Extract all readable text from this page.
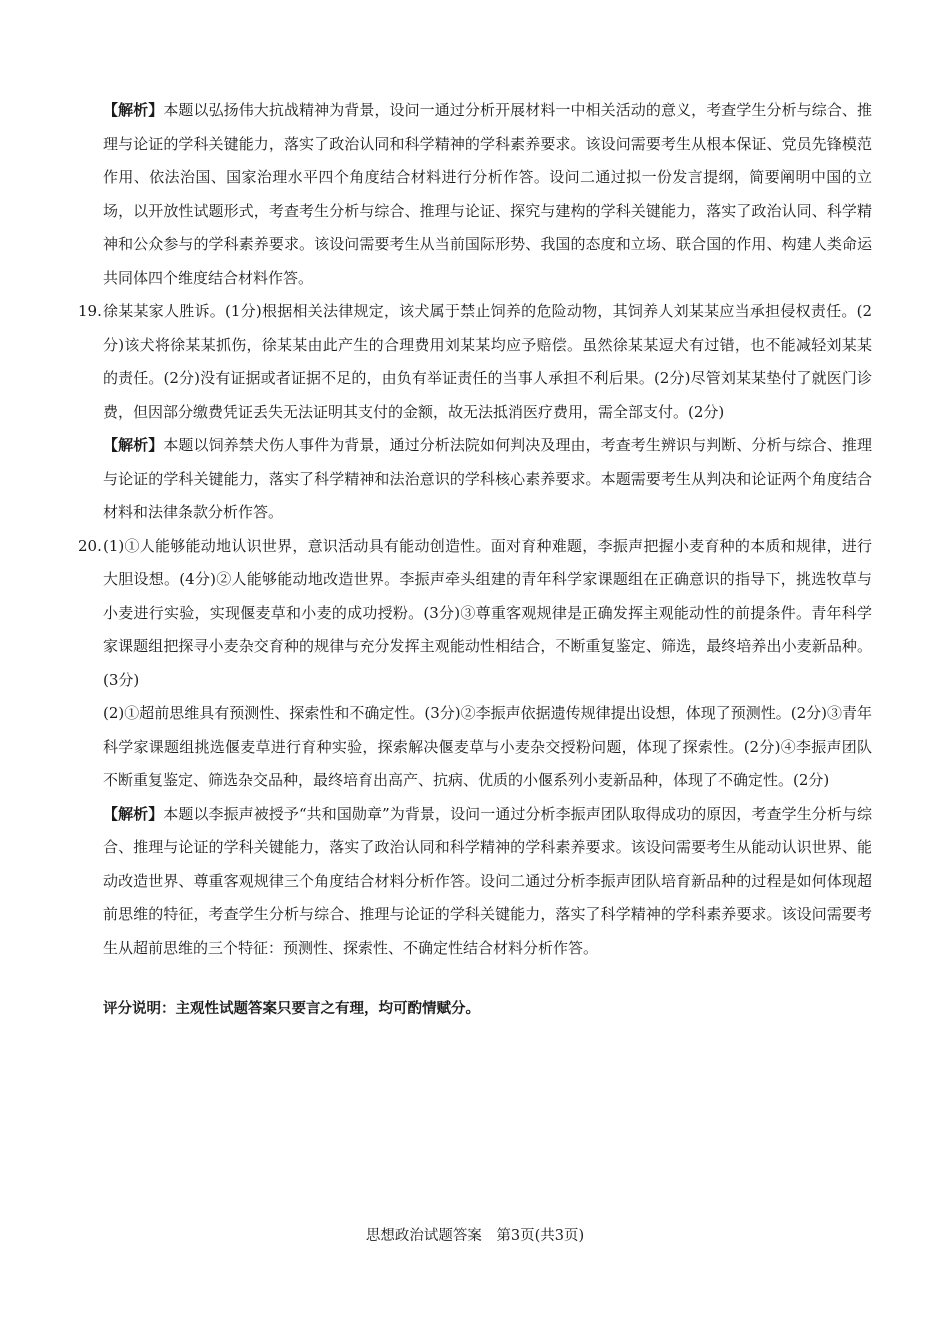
【解析】本题以弘扬伟大抗战精神为背景，设问一通过分析开展材料一中相关活动的意义，考查学生分析与综合、推理与论证的学科关键能力，落实了政治认同和科学精神的学科素养要求。该设问需要考生从根本保证、党员先锋模范作用、依法治国、国家治理水平四个角度结合材料进行分析作答。设问二通过拟一份发言提纲，简要阐明中国的立场，以开放性试题形式，考查考生分析与综合、推理与论证、探究与建构的学科关键能力，落实了政治认同、科学精神和公众参与的学科素养要求。该设问需要考生从当前国际形势、我国的态度和立场、联合国的作用、构建人类命运共同体四个维度结合材料作答。

19. 徐某某家人胜诉。(1分)根据相关法律规定，该犬属于禁止饲养的危险动物，其饲养人刘某某应当承担侵权责任。(2分)该犬将徐某某抓伤，徐某某由此产生的合理费用刘某某均应予赔偿。虽然徐某某逗犬有过错，也不能减轻刘某某的责任。(2分)没有证据或者证据不足的，由负有举证责任的当事人承担不利后果。(2分)尽管刘某某垫付了就医门诊费，但因部分缴费凭证丢失无法证明其支付的金额，故无法抵消医疗费用，需全部支付。(2分)

【解析】本题以饲养禁犬伤人事件为背景，通过分析法院如何判决及理由，考查考生辨识与判断、分析与综合、推理与论证的学科关键能力，落实了科学精神和法治意识的学科核心素养要求。本题需要考生从判决和论证两个角度结合材料和法律条款分析作答。

20. (1)①人能够能动地认识世界，意识活动具有能动创造性。面对育种难题，李振声把握小麦育种的本质和规律，进行大胆设想。(4分)②人能够能动地改造世界。李振声牵头组建的青年科学家课题组在正确意识的指导下，挑选牧草与小麦进行实验，实现偃麦草和小麦的成功授粉。(3分)③尊重客观规律是正确发挥主观能动性的前提条件。青年科学家课题组把探寻小麦杂交育种的规律与充分发挥主观能动性相结合，不断重复鉴定、筛选，最终培养出小麦新品种。(3分)

(2)①超前思维具有预测性、探索性和不确定性。(3分)②李振声依据遗传规律提出设想，体现了预测性。(2分)③青年科学家课题组挑选偃麦草进行育种实验，探索解决偃麦草与小麦杂交授粉问题，体现了探索性。(2分)④李振声团队不断重复鉴定、筛选杂交品种，最终培育出高产、抗病、优质的小偃系列小麦新品种，体现了不确定性。(2分)

【解析】本题以李振声被授予“共和国勋章”为背景，设问一通过分析李振声团队取得成功的原因，考查学生分析与综合、推理与论证的学科关键能力，落实了政治认同和科学精神的学科素养要求。该设问需要考生从能动认识世界、能动改造世界、尊重客观规律三个角度结合材料分析作答。设问二通过分析李振声团队培育新品种的过程是如何体现超前思维的特征，考查学生分析与综合、推理与论证的学科关键能力，落实了科学精神的学科素养要求。该设问需要考生从超前思维的三个特征：预测性、探索性、不确定性结合材料分析作答。

评分说明：主观性试题答案只要言之有理，均可酌情赋分。
思想政治试题答案　第3页(共3页)
